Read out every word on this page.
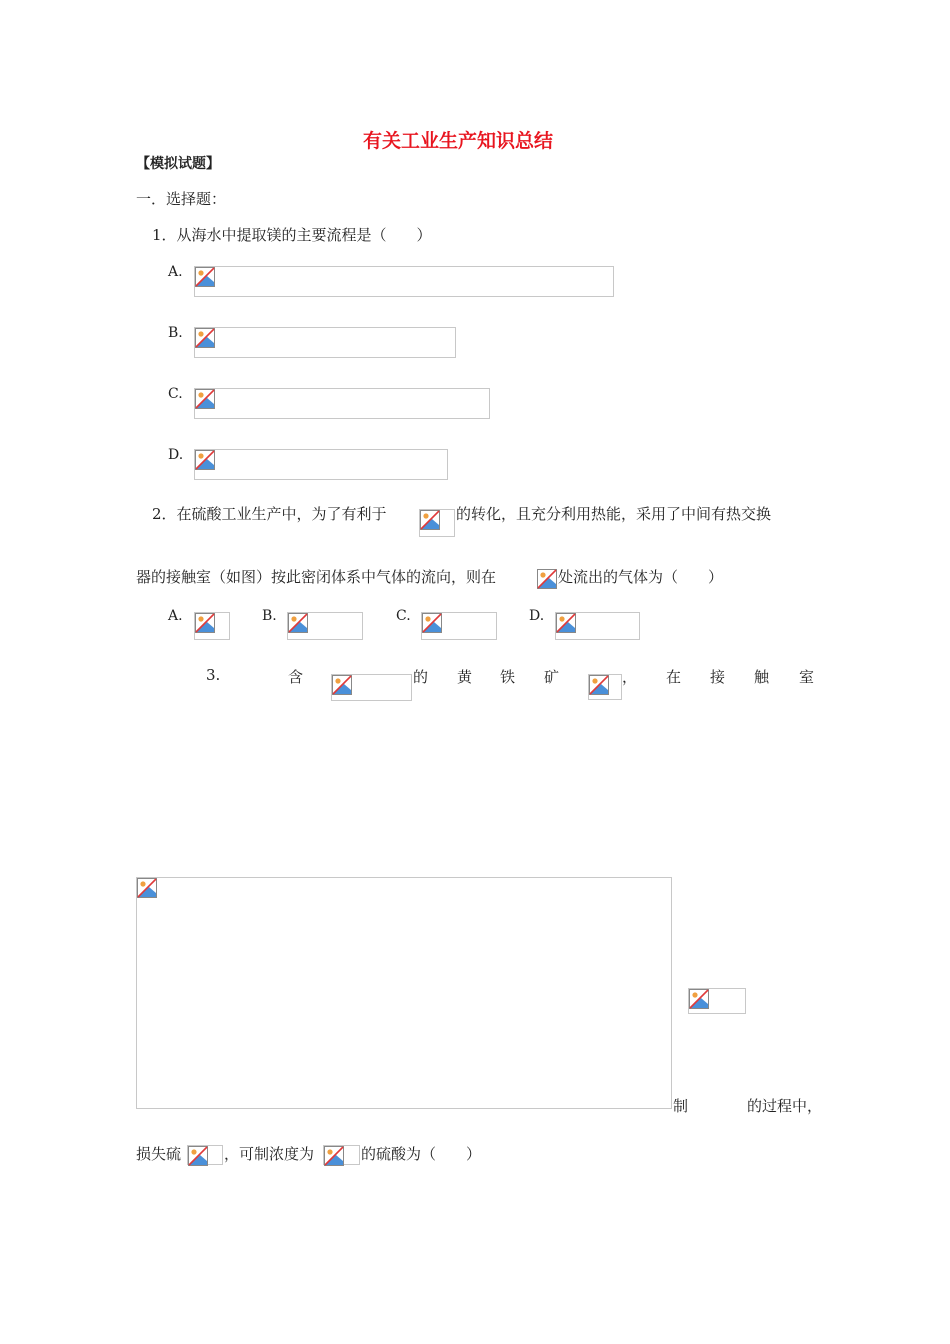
有关工业生产知识总结
【模拟试题】
一．选择题：
1．从海水中提取镁的主要流程是（　　）
A.
B.
C.
D.
2．在硫酸工业生产中，为了有利于	的转化，且充分利用热能，采用了中间有热交换
器的接触室（如图）按此密闭体系中气体的流向，则在	处流出的气体为（　　）
A.	B.	C.	D.
3.	含	的 黄 铁 矿	， 在 接 触 室
制	的过程中，
损失硫	，可制浓度为	的硫酸为（　　）
